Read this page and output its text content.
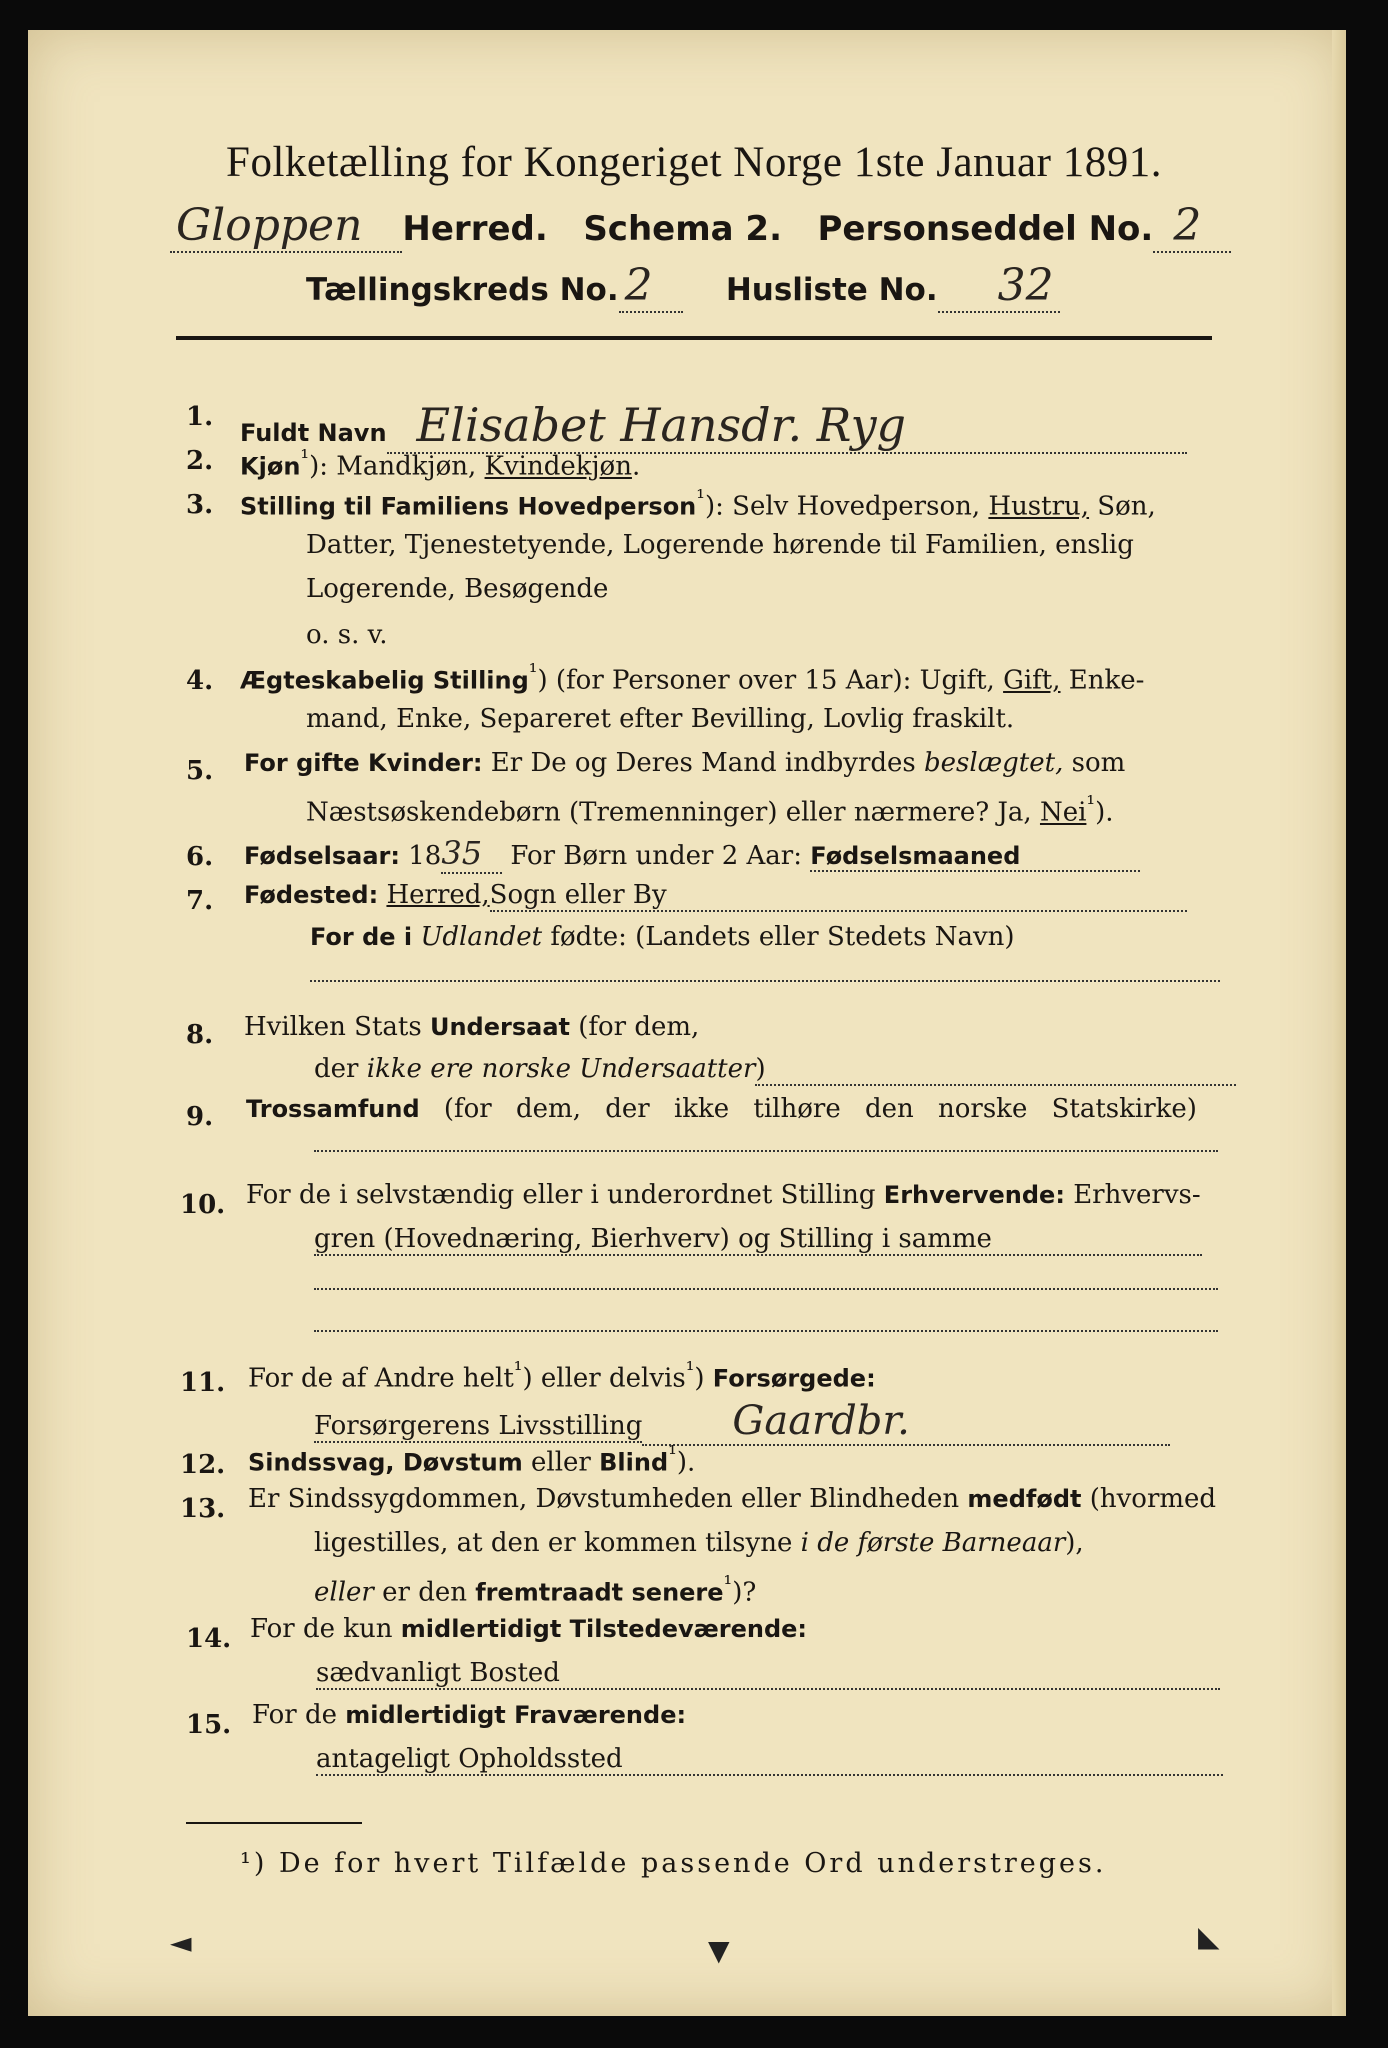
Folketælling for Kongeriget Norge 1ste Januar 1891.
Gloppen Herred. Schema 2. Personseddel No. 2
Tællingskreds No. 2 Husliste No. 32
1.
Fuldt Navn Elisabet Hansdr. Ryg
2. Kjøn$^{^1}$): Mandkjøn, Kvindekjøn.
3. Stilling til Familiens Hovedperson$^{^1}$): Selv Hovedperson, Hustru, Søn,
Datter, Tjenestetyende, Logerende hørende til Familien, enslig
Logerende, Besøgende
o. s. v.
4. Ægteskabelig Stilling$^{^1}$) (for Personer over 15 Aar): Ugift, Gift, Enke-
mand, Enke, Separeret efter Bevilling, Lovlig fraskilt.
5. For gifte Kvinder: Er De og Deres Mand indbyrdes beslægtet, som
Næstsøskendebørn (Tremenninger) eller nærmere? Ja, Nei$^{^1}$).
6. Fødselsaar: 1835 For Børn under 2 Aar: Fødselsmaaned
7. Fødested: Herred,Sogn eller By
For de i Udlandet fødte: (Landets eller Stedets Navn)
8. Hvilken Stats Undersaat (for dem,
der ikke ere norske Undersaatter)
9. Trossamfund (for dem, der ikke tilhøre den norske Statskirke)
10. For de i selvstændig eller i underordnet Stilling Erhvervende: Erhvervs-
gren (Hovednæring, Bierhverv) og Stilling i samme
11. For de af Andre helt$^{^1}$) eller delvis$^{^1}$) Forsørgede:
Forsørgerens Livsstilling Gaardbr.
12. Sindssvag, Døvstum eller Blind$^{^1}$).
13. Er Sindssygdommen, Døvstumheden eller Blindheden medfødt (hvormed
ligestilles, at den er kommen tilsyne i de første Barneaar),
eller er den fremtraadt senere$^{^1}$)?
14. For de kun midlertidigt Tilstedeværende:
sædvanligt Bosted
15. For de midlertidigt Fraværende:
antageligt Opholdssted
¹) De for hvert Tilfælde passende Ord understreges.
◄	▼	◣
